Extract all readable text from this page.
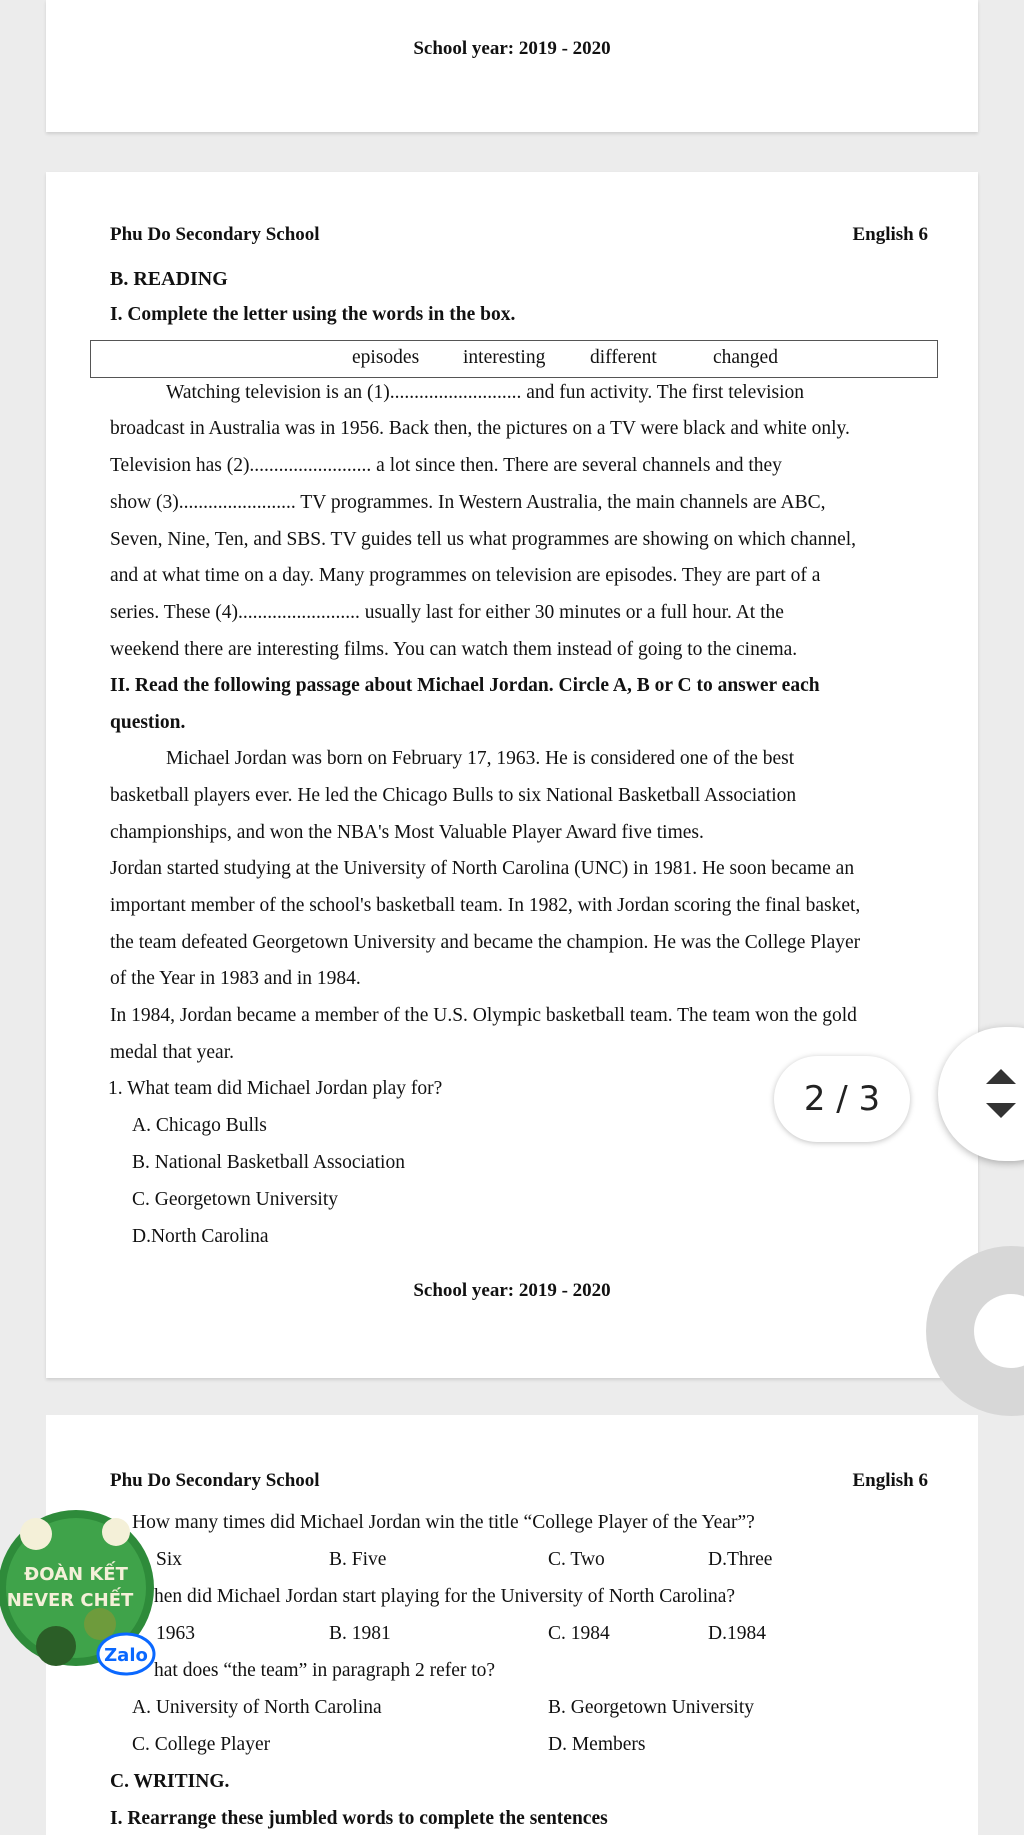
School year: 2019 - 2020
Phu Do Secondary School	English 6
B. READING
I. Complete the letter using the words in the box.
episodes interesting different	changed
Watching television is an (1)........................... and fun activity. The first television
broadcast in Australia was in 1956. Back then, the pictures on a TV were black and white only.
Television has (2)......................... a lot since then. There are several channels and they
show (3)........................ TV programmes. In Western Australia, the main channels are ABC,
Seven, Nine, Ten, and SBS. TV guides tell us what programmes are showing on which channel,
and at what time on a day. Many programmes on television are episodes. They are part of a
series. These (4)......................... usually last for either 30 minutes or a full hour. At the
weekend there are interesting films. You can watch them instead of going to the cinema.
II. Read the following passage about Michael Jordan. Circle A, B or C to answer each
question.
Michael Jordan was born on February 17, 1963. He is considered one of the best
basketball players ever. He led the Chicago Bulls to six National Basketball Association
championships, and won the NBA's Most Valuable Player Award five times.
Jordan started studying at the University of North Carolina (UNC) in 1981. He soon became an
important member of the school's basketball team. In 1982, with Jordan scoring the final basket,
the team defeated Georgetown University and became the champion. He was the College Player
of the Year in 1983 and in 1984.
In 1984, Jordan became a member of the U.S. Olympic basketball team. The team won the gold
medal that year.
1. What team did Michael Jordan play for?
A. Chicago Bulls
B. National Basketball Association
C. Georgetown University
D.North Carolina
School year: 2019 - 2020
Phu Do Secondary School	English 6
How many times did Michael Jordan win the title “College Player of the Year”?
Six	B. Five	C. Two	D.Three
hen did Michael Jordan start playing for the University of North Carolina?
1963	B. 1981	C. 1984	D.1984
hat does “the team” in paragraph 2 refer to?
A. University of North Carolina	B. Georgetown University
C. College Player	D. Members
C. WRITING.
I. Rearrange these jumbled words to complete the sentences
2 / 3
ĐOÀN KẾT
NEVER CHẾT
Zalo
